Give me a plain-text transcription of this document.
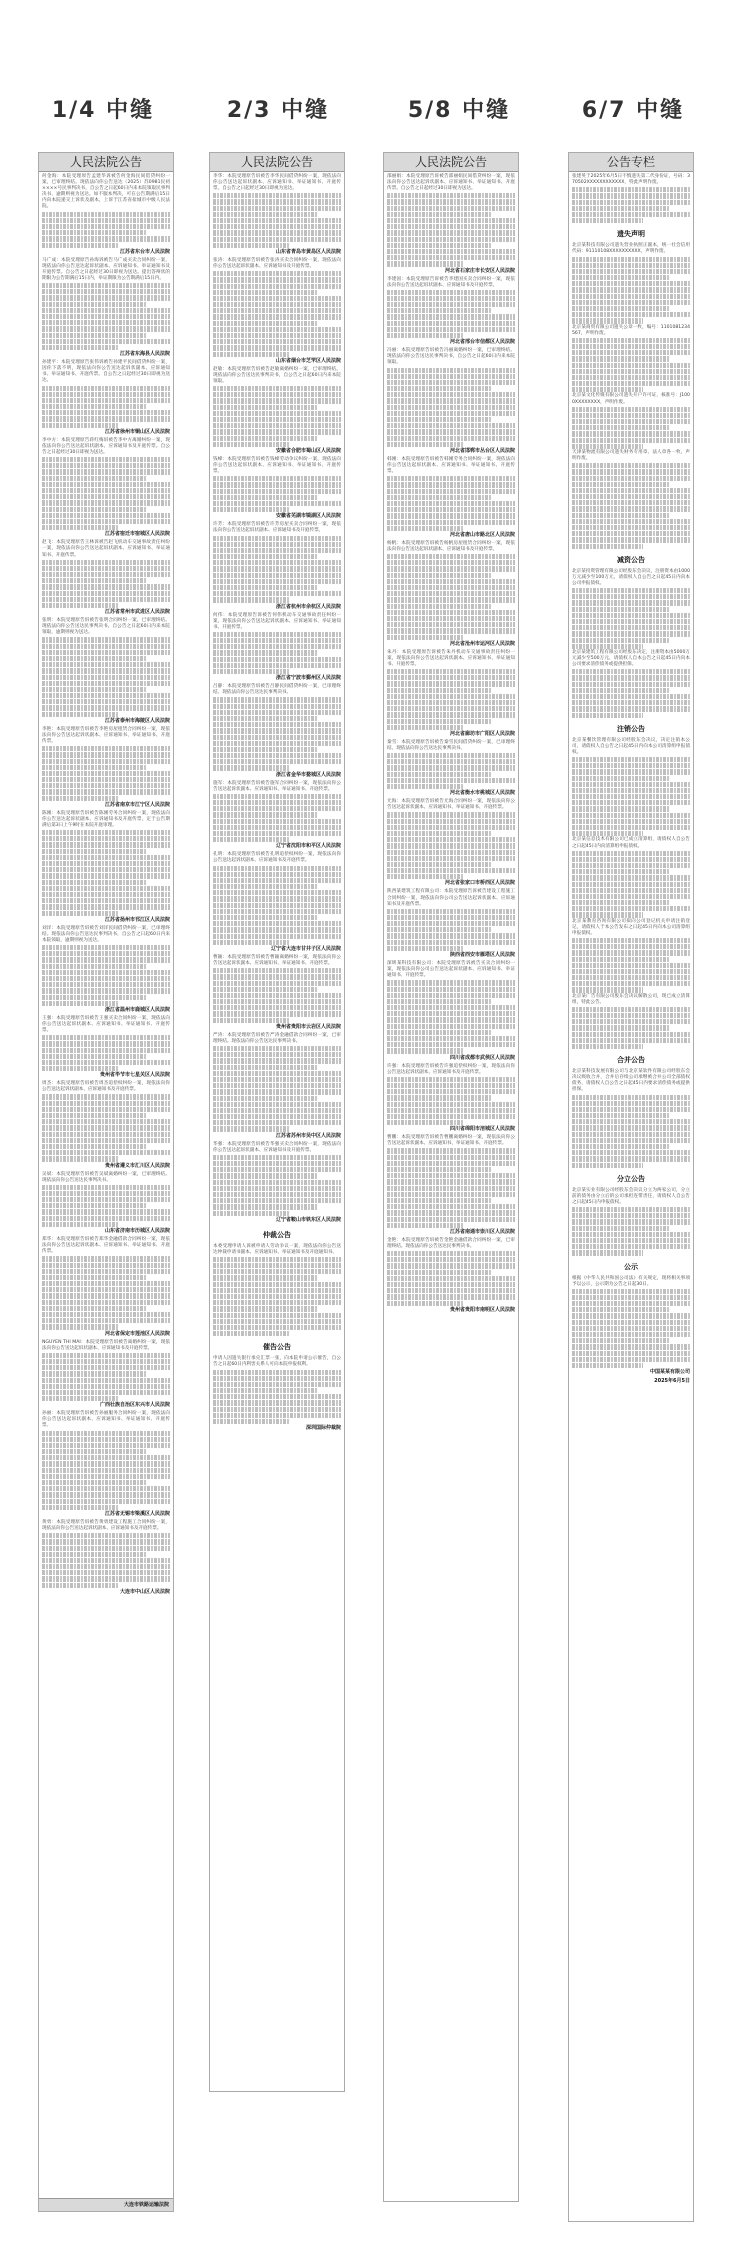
1/4 中缝	2/3 中缝	5/8 中缝	6/7 中缝
人民法院公告
何金海：本院受理原告孟建华诉被告何金海民间借贷纠纷一案，已审理终结。现依法向你公告送达（2025）苏0981民初××××号民事判决书，自公告之日起60日内来本院领取民事判决书，逾期则视为送达。如不服本判决，可在公告期满后15日内向本院递交上诉状及副本，上诉于江苏省盐城市中级人民法院。
江苏省东台市人民法院
马广成：本院受理原告孙海诉被告马广成买卖合同纠纷一案，现依法向你公告送达起诉状副本、应诉通知书、举证通知书及开庭传票。自公告之日起经过30日即视为送达。提出答辩状的期限为公告期满后15日内，举证期限为公告期满后15日内。
江苏省东海县人民法院
孙建平：本院受理原告张伟诉被告孙建平民间借贷纠纷一案，因你下落不明，现依法向你公告送达起诉状副本、应诉通知书、举证通知书、开庭传票。自公告之日起经过30日即视为送达。
江苏省徐州市铜山区人民法院
李中方：本院受理原告蒋红梅诉被告李中方离婚纠纷一案，现依法向你公告送达起诉状副本、应诉通知书及开庭传票。自公告之日起经过30日即视为送达。
江苏省宿迁市宿城区人民法院
赵飞：本院受理原告王林诉被告赵飞机动车交通事故责任纠纷一案，现依法向你公告送达起诉状副本、应诉通知书、举证通知书、开庭传票。
江苏省常州市武进区人民法院
张明：本院受理原告诉被告张明合同纠纷一案，已审理终结。现依法向你公告送达民事判决书，自公告之日起60日内来本院领取，逾期则视为送达。
江苏省泰州市海陵区人民法院
李艳：本院受理原告诉被告李艳房屋租赁合同纠纷一案，现依法向你公告送达起诉状副本、应诉通知书、举证通知书、开庭传票。
江苏省南京市江宁区人民法院
陈刚：本院受理原告诉被告陈刚劳务合同纠纷一案，现依法向你公告送达起诉状副本、应诉通知书及开庭传票，定于公告期满后第3日上午9时在本院开庭审理。
江苏省扬州市邗江区人民法院
刘洋：本院受理原告诉被告刘洋民间借贷纠纷一案，已审理终结。现依法向你公告送达民事判决书，自公告之日起60日内来本院领取，逾期则视为送达。
浙江省温州市鹿城区人民法院
王强：本院受理原告诉被告王强买卖合同纠纷一案，现依法向你公告送达起诉状副本、应诉通知书、举证通知书、开庭传票。
贵州省毕节市七星关区人民法院
周杰：本院受理原告诉被告周杰追偿权纠纷一案，现依法向你公告送达起诉状副本、应诉通知书及开庭传票。
贵州省遵义市汇川区人民法院
吴斌：本院受理原告诉被告吴斌离婚纠纷一案，已审理终结。现依法向你公告送达民事判决书。
山东省济南市历城区人民法院
郑华：本院受理原告诉被告郑华金融借款合同纠纷一案，现依法向你公告送达起诉状副本、应诉通知书、举证通知书、开庭传票。
河北省保定市莲池区人民法院
NGUYEN THI MAI：本院受理原告诉被告离婚纠纷一案，现依法向你公告送达起诉状副本、应诉通知书及开庭传票。
广西壮族自治区东兴市人民法院
孙丽：本院受理原告诉被告孙丽服务合同纠纷一案，现依法向你公告送达起诉状副本、应诉通知书、举证通知书、开庭传票。
江苏省无锡市梁溪区人民法院
黄勇：本院受理原告诉被告黄勇建设工程施工合同纠纷一案，现依法向你公告送达起诉状副本、应诉通知书及开庭传票。
大连市中山区人民法院
大连市铁路运输法院
人民法院公告
李华：本院受理原告诉被告李华民间借贷纠纷一案，现依法向你公告送达起诉状副本、应诉通知书、举证通知书、开庭传票。自公告之日起经过30日即视为送达。
山东省青岛市黄岛区人民法院
张涛：本院受理原告诉被告张涛买卖合同纠纷一案，现依法向你公告送达起诉状副本、应诉通知书及开庭传票。
山东省烟台市芝罘区人民法院
赵敏：本院受理原告诉被告赵敏离婚纠纷一案，已审理终结。现依法向你公告送达民事判决书，自公告之日起60日内来本院领取。
安徽省合肥市蜀山区人民法院
钱峰：本院受理原告诉被告钱峰劳动争议纠纷一案，现依法向你公告送达起诉状副本、应诉通知书、举证通知书、开庭传票。
安徽省芜湖市镜湖区人民法院
许芳：本院受理原告诉被告许芳房屋买卖合同纠纷一案，现依法向你公告送达起诉状副本、应诉通知书及开庭传票。
浙江省杭州市余杭区人民法院
何伟：本院受理原告诉被告何伟机动车交通事故责任纠纷一案，现依法向你公告送达起诉状副本、应诉通知书、举证通知书、开庭传票。
浙江省宁波市鄞州区人民法院
吕静：本院受理原告诉被告吕静民间借贷纠纷一案，已审理终结。现依法向你公告送达民事判决书。
浙江省金华市婺城区人民法院
施军：本院受理原告诉被告施军合同纠纷一案，现依法向你公告送达起诉状副本、应诉通知书、举证通知书、开庭传票。
辽宁省沈阳市和平区人民法院
孔明：本院受理原告诉被告孔明追偿权纠纷一案，现依法向你公告送达起诉状副本、应诉通知书及开庭传票。
辽宁省大连市甘井子区人民法院
曹颖：本院受理原告诉被告曹颖离婚纠纷一案，现依法向你公告送达起诉状副本、应诉通知书、举证通知书、开庭传票。
贵州省贵阳市云岩区人民法院
严涛：本院受理原告诉被告严涛金融借款合同纠纷一案，已审理终结。现依法向你公告送达民事判决书。
江苏省苏州市吴中区人民法院
华强：本院受理原告诉被告华强买卖合同纠纷一案，现依法向你公告送达起诉状副本、应诉通知书及开庭传票。
辽宁省鞍山市铁东区人民法院
仲裁公告
本委受理申请人诉被申请人劳动争议一案，现依法向你公告送达仲裁申请书副本、应诉通知书、举证通知书及开庭通知书。
催告公告
申请人因遗失银行承兑汇票一张，向本院申请公示催告，自公告之日起60日内利害关系人可向本院申报权利。
深圳国际仲裁院
人民法院公告
邵丽娟：本院受理原告诉被告邵丽娟民间借贷纠纷一案，现依法向你公告送达起诉状副本、应诉通知书、举证通知书、开庭传票。自公告之日起经过30日即视为送达。
河北省石家庄市长安区人民法院
李建国：本院受理原告诉被告李建国买卖合同纠纷一案，现依法向你公告送达起诉状副本、应诉通知书及开庭传票。
河北省邢台市信都区人民法院
冯丽：本院受理原告诉被告冯丽离婚纠纷一案，已审理终结。现依法向你公告送达民事判决书，自公告之日起60日内来本院领取。
河北省邯郸市丛台区人民法院
韩刚：本院受理原告诉被告韩刚劳务合同纠纷一案，现依法向你公告送达起诉状副本、应诉通知书、举证通知书、开庭传票。
河北省唐山市路北区人民法院
杨帆：本院受理原告诉被告杨帆房屋租赁合同纠纷一案，现依法向你公告送达起诉状副本、应诉通知书及开庭传票。
河北省沧州市运河区人民法院
朱丹：本院受理原告诉被告朱丹机动车交通事故责任纠纷一案，现依法向你公告送达起诉状副本、应诉通知书、举证通知书、开庭传票。
河北省廊坊市广阳区人民法院
秦雪：本院受理原告诉被告秦雪民间借贷纠纷一案，已审理终结。现依法向你公告送达民事判决书。
河北省衡水市桃城区人民法院
尤海：本院受理原告诉被告尤海合同纠纷一案，现依法向你公告送达起诉状副本、应诉通知书、举证通知书、开庭传票。
河北省张家口市桥西区人民法院
陕西某建筑工程有限公司：本院受理原告诉被告建设工程施工合同纠纷一案，现依法向你公司公告送达起诉状副本、应诉通知书及开庭传票。
陕西省西安市雁塔区人民法院
深圳某科技有限公司：本院受理原告诉被告买卖合同纠纷一案，现依法向你公司公告送达起诉状副本、应诉通知书、举证通知书、开庭传票。
四川省成都市武侯区人民法院
许强：本院受理原告诉被告许强追偿权纠纷一案，现依法向你公告送达起诉状副本、应诉通知书及开庭传票。
四川省绵阳市涪城区人民法院
曹鹏：本院受理原告诉被告曹鹏离婚纠纷一案，现依法向你公告送达起诉状副本、应诉通知书、举证通知书、开庭传票。
江苏省南通市崇川区人民法院
金艳：本院受理原告诉被告金艳金融借款合同纠纷一案，已审理终结。现依法向你公告送达民事判决书。
贵州省贵阳市南明区人民法院
公告专栏
张建英于2025年6月5日不慎遗失第二代身份证，号码：370502XXXXXXXXXXXX，特此声明作废。
遗失声明
北京某科技有限公司遗失营业执照正副本，统一社会信用代码：91110108XXXXXXXXXX，声明作废。
北京某商贸有限公司遗失公章一枚，编号：1101081234567，声明作废。
北京某文化传媒有限公司遗失开户许可证，核准号：J1000XXXXXXXX，声明作废。
天津某物流有限公司遗失财务专用章、法人章各一枚，声明作废。
减资公告
北京某投资管理有限公司经股东会决议，注册资本由1000万元减少至100万元，请债权人自公告之日起45日内向本公司申报债权。
北京某建筑工程有限公司经股东决定，注册资本由5000万元减少至500万元，请债权人自本公告之日起45日内向本公司要求清偿债务或提供担保。
注销公告
北京某餐饮管理有限公司经股东会决议，决定注销本公司，请债权人自公告之日起45日内向本公司清算组申报债权。
北京某信息技术有限公司已成立清算组，请债权人自公告之日起45日内向清算组申报债权。
北京某教育咨询有限公司拟向公司登记机关申请注销登记，请债权人于本公告发布之日起45日内向本公司清算组申报债权。
北京某广告有限公司股东会决议解散公司，现已成立清算组，特此公告。
合并公告
北京某科技发展有限公司与北京某软件有限公司经股东会决议吸收合并，合并后存续公司承继被合并公司全部债权债务，请债权人自公告之日起45日内要求清偿债务或提供担保。
分立公告
北京某实业有限公司经股东会决议分立为两家公司，分立前的债务由分立后的公司承担连带责任，请债权人自公告之日起45日内申报债权。
公示
根据《中华人民共和国公司法》有关规定，现将相关事项予以公示，公示期为公告之日起30日。
中国某某有限公司
2025年6月5日
